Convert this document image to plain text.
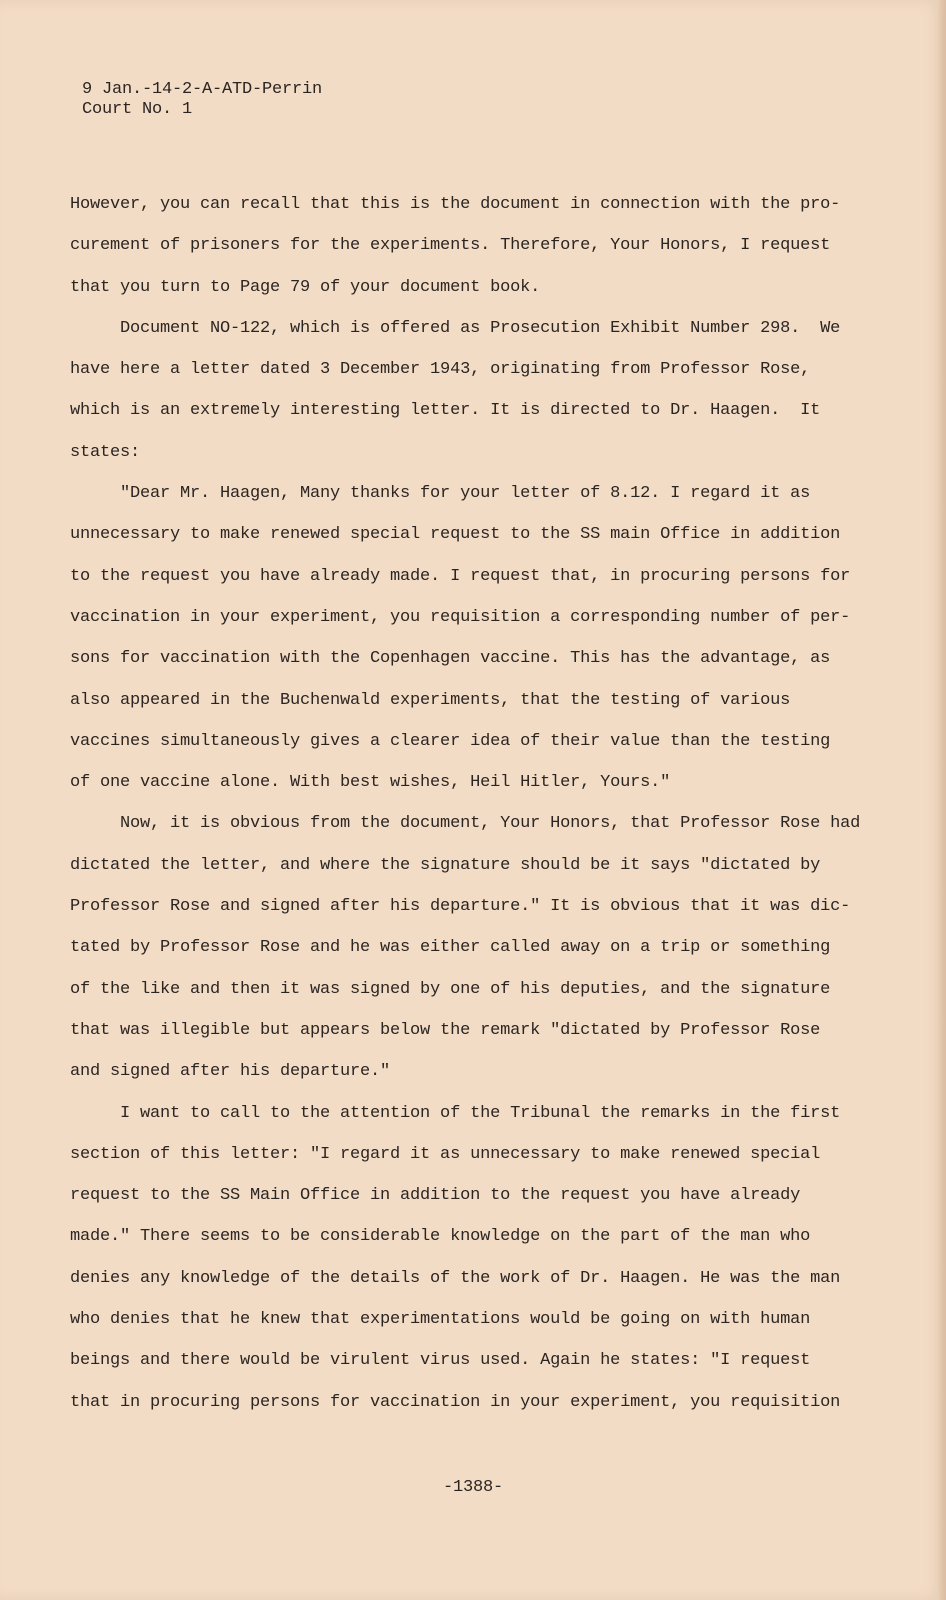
9 Jan.-14-2-A-ATD-Perrin
Court No. 1
However, you can recall that this is the document in connection with the pro-
curement of prisoners for the experiments. Therefore, Your Honors, I request
that you turn to Page 79 of your document book.
Document NO-122, which is offered as Prosecution Exhibit Number 298.  We
have here a letter dated 3 December 1943, originating from Professor Rose,
which is an extremely interesting letter. It is directed to Dr. Haagen.  It
states:
"Dear Mr. Haagen, Many thanks for your letter of 8.12. I regard it as
unnecessary to make renewed special request to the SS main Office in addition
to the request you have already made. I request that, in procuring persons for
vaccination in your experiment, you requisition a corresponding number of per-
sons for vaccination with the Copenhagen vaccine. This has the advantage, as
also appeared in the Buchenwald experiments, that the testing of various
vaccines simultaneously gives a clearer idea of their value than the testing
of one vaccine alone. With best wishes, Heil Hitler, Yours."
Now, it is obvious from the document, Your Honors, that Professor Rose had
dictated the letter, and where the signature should be it says "dictated by
Professor Rose and signed after his departure." It is obvious that it was dic-
tated by Professor Rose and he was either called away on a trip or something
of the like and then it was signed by one of his deputies, and the signature
that was illegible but appears below the remark "dictated by Professor Rose
and signed after his departure."
I want to call to the attention of the Tribunal the remarks in the first
section of this letter: "I regard it as unnecessary to make renewed special
request to the SS Main Office in addition to the request you have already
made." There seems to be considerable knowledge on the part of the man who
denies any knowledge of the details of the work of Dr. Haagen. He was the man
who denies that he knew that experimentations would be going on with human
beings and there would be virulent virus used. Again he states: "I request
that in procuring persons for vaccination in your experiment, you requisition
-1388-
